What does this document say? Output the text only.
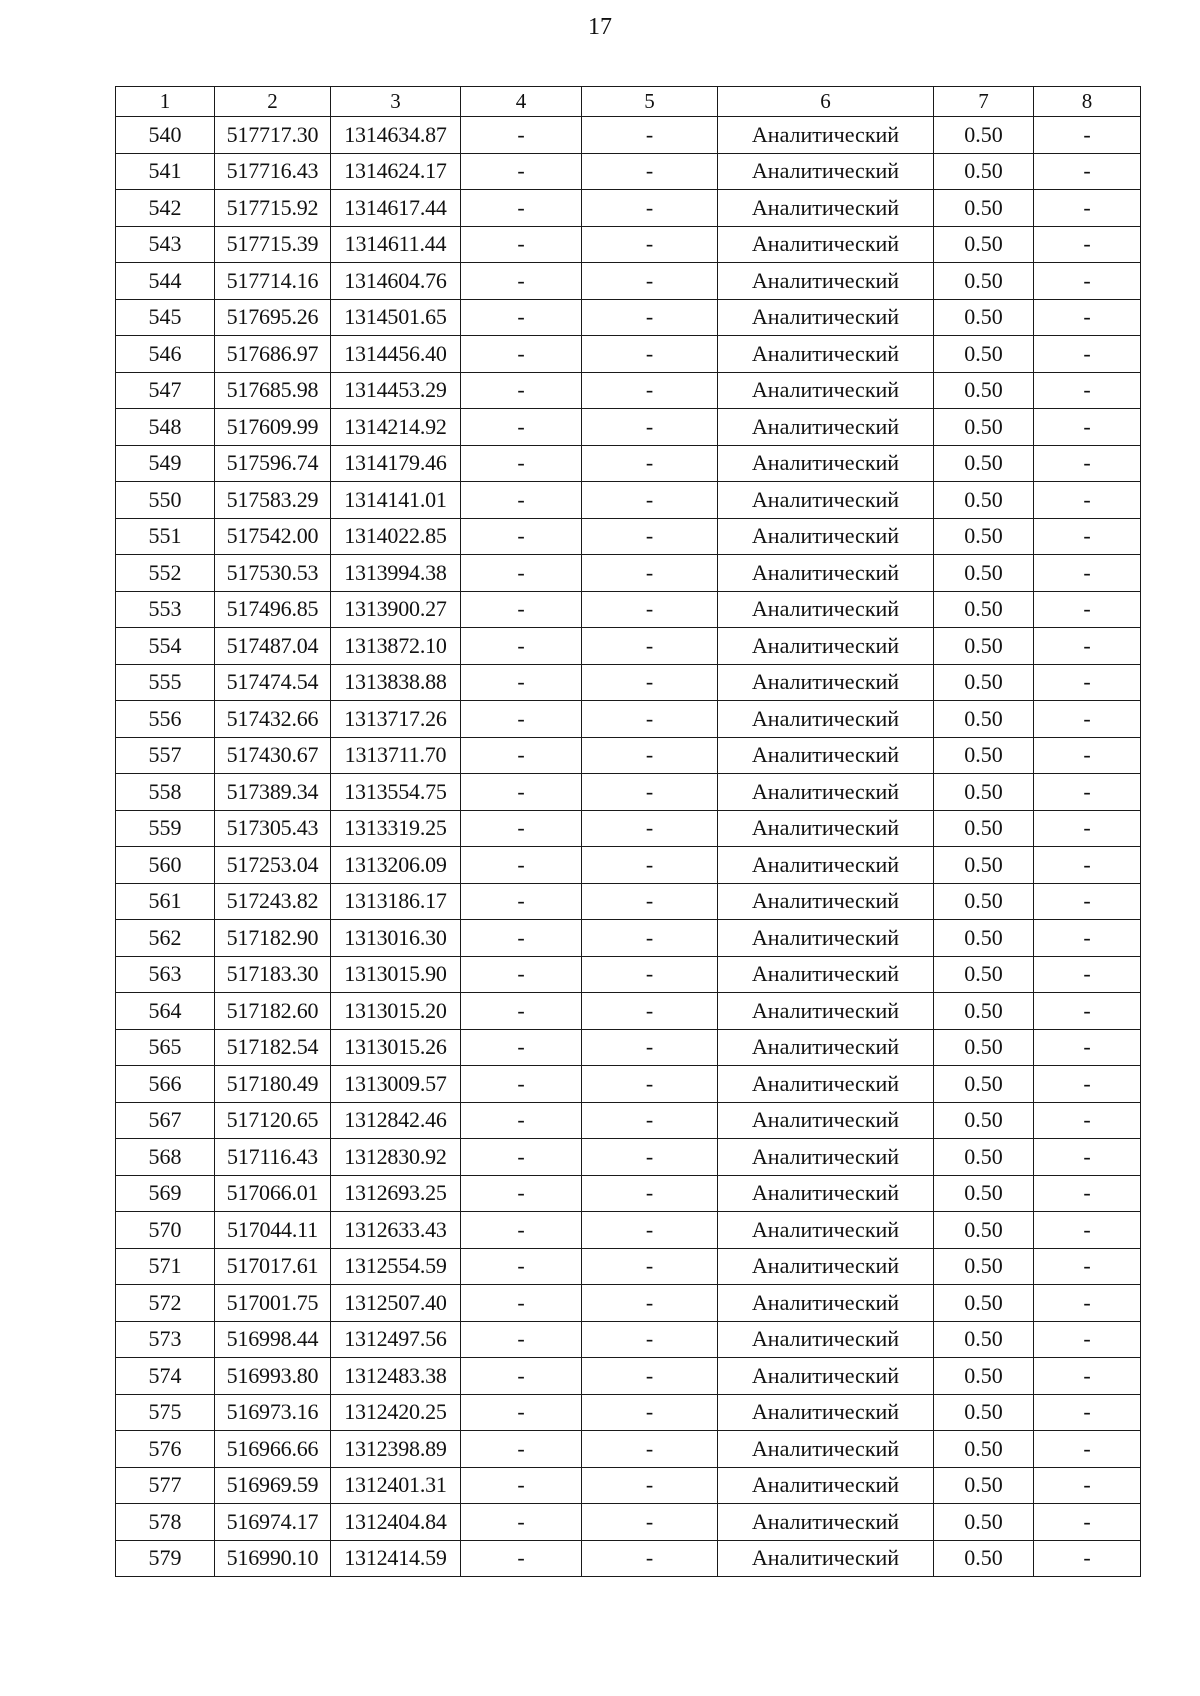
17
1	2	3	4	5	6	7	8
540	517717.30	1314634.87	-	-	Аналитический	0.50	-
541	517716.43	1314624.17	-	-	Аналитический	0.50	-
542	517715.92	1314617.44	-	-	Аналитический	0.50	-
543	517715.39	1314611.44	-	-	Аналитический	0.50	-
544	517714.16	1314604.76	-	-	Аналитический	0.50	-
545	517695.26	1314501.65	-	-	Аналитический	0.50	-
546	517686.97	1314456.40	-	-	Аналитический	0.50	-
547	517685.98	1314453.29	-	-	Аналитический	0.50	-
548	517609.99	1314214.92	-	-	Аналитический	0.50	-
549	517596.74	1314179.46	-	-	Аналитический	0.50	-
550	517583.29	1314141.01	-	-	Аналитический	0.50	-
551	517542.00	1314022.85	-	-	Аналитический	0.50	-
552	517530.53	1313994.38	-	-	Аналитический	0.50	-
553	517496.85	1313900.27	-	-	Аналитический	0.50	-
554	517487.04	1313872.10	-	-	Аналитический	0.50	-
555	517474.54	1313838.88	-	-	Аналитический	0.50	-
556	517432.66	1313717.26	-	-	Аналитический	0.50	-
557	517430.67	1313711.70	-	-	Аналитический	0.50	-
558	517389.34	1313554.75	-	-	Аналитический	0.50	-
559	517305.43	1313319.25	-	-	Аналитический	0.50	-
560	517253.04	1313206.09	-	-	Аналитический	0.50	-
561	517243.82	1313186.17	-	-	Аналитический	0.50	-
562	517182.90	1313016.30	-	-	Аналитический	0.50	-
563	517183.30	1313015.90	-	-	Аналитический	0.50	-
564	517182.60	1313015.20	-	-	Аналитический	0.50	-
565	517182.54	1313015.26	-	-	Аналитический	0.50	-
566	517180.49	1313009.57	-	-	Аналитический	0.50	-
567	517120.65	1312842.46	-	-	Аналитический	0.50	-
568	517116.43	1312830.92	-	-	Аналитический	0.50	-
569	517066.01	1312693.25	-	-	Аналитический	0.50	-
570	517044.11	1312633.43	-	-	Аналитический	0.50	-
571	517017.61	1312554.59	-	-	Аналитический	0.50	-
572	517001.75	1312507.40	-	-	Аналитический	0.50	-
573	516998.44	1312497.56	-	-	Аналитический	0.50	-
574	516993.80	1312483.38	-	-	Аналитический	0.50	-
575	516973.16	1312420.25	-	-	Аналитический	0.50	-
576	516966.66	1312398.89	-	-	Аналитический	0.50	-
577	516969.59	1312401.31	-	-	Аналитический	0.50	-
578	516974.17	1312404.84	-	-	Аналитический	0.50	-
579	516990.10	1312414.59	-	-	Аналитический	0.50	-
